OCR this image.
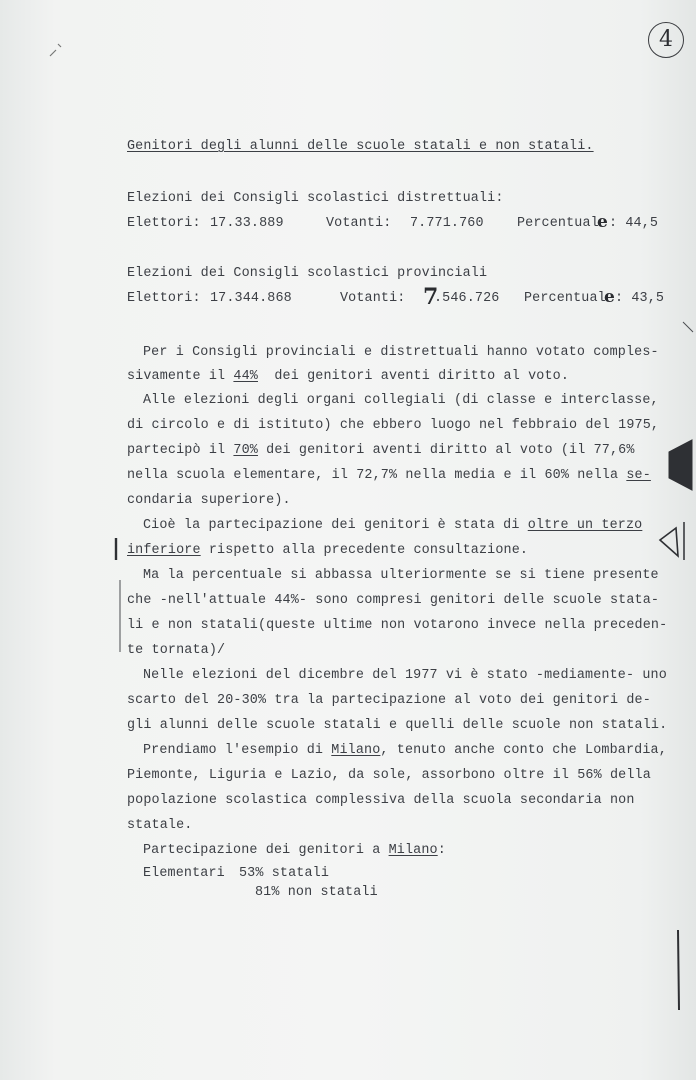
4
Genitori degli alunni delle scuole statali e non statali.
Elezioni dei Consigli scolastici distrettuali:
Elettori: 17.33.889	Votanti: 7.771.760 Percentual
e : 44,5
Elezioni dei Consigli scolastici provinciali
Elettori: 17.344.868	Votanti: 7
.546.726 Percentual
e : 43,5
Per i Consigli provinciali e distrettuali hanno votato comples-
sivamente il 44%  dei genitori aventi diritto al voto.
Alle elezioni degli organi collegiali (di classe e interclasse,
di circolo e di istituto) che ebbero luogo nel febbraio del 1975,
partecipò il 70% dei genitori aventi diritto al voto (il 77,6%
nella scuola elementare, il 72,7% nella media e il 60% nella se-
condaria superiore).
Cioè la partecipazione dei genitori è stata di oltre un terzo
inferiore rispetto alla precedente consultazione.
Ma la percentuale si abbassa ulteriormente se si tiene presente
che -nell'attuale 44%- sono compresi genitori delle scuole stata-
li e non statali(queste ultime non votarono invece nella preceden-
te tornata)/
Nelle elezioni del dicembre del 1977 vi è stato -mediamente- uno
scarto del 20-30% tra la partecipazione al voto dei genitori de-
gli alunni delle scuole statali e quelli delle scuole non statali.
Prendiamo l'esempio di Milano, tenuto anche conto che Lombardia,
Piemonte, Liguria e Lazio, da sole, assorbono oltre il 56% della
popolazione scolastica complessiva della scuola secondaria non
statale.
Partecipazione dei genitori a Milano:
Elementari 53% statali
81% non statali
